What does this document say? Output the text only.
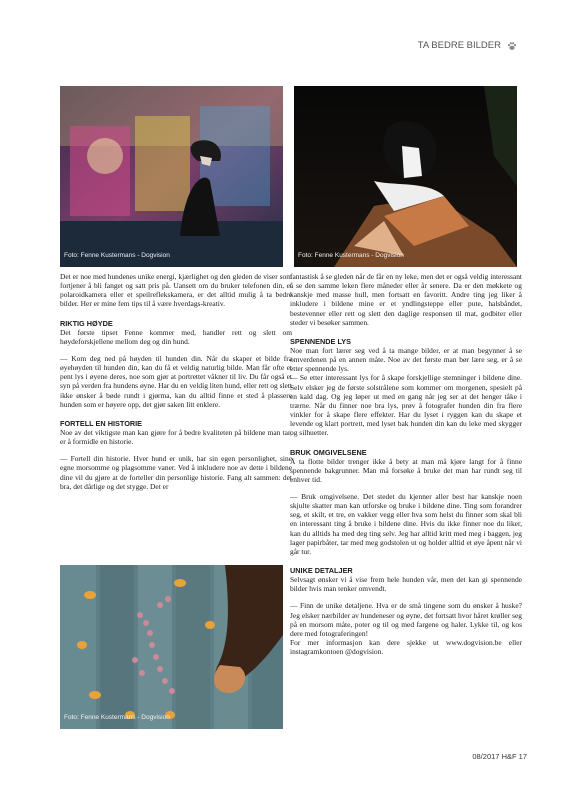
TA BEDRE BILDER
Foto: Fenne Kustermans - Dogvision	Foto: Fenne Kustermans - Dogvision
Foto: Fenne Kustermans - Dogvision

Det er noe med hundenes unike energi, kjærlighet og den gleden de viser som fortjener å bli fanget og satt pris på. Uansett om du bruker telefonen din, et polaroidkamera eller et speilreflekskamera, er det alltid mulig å ta bedre bilder. Her er mine fem tips til å være hverdags-kreativ.

RIKTIG HØYDE

Det første tipset Fenne kommer med, handler rett og slett om høydeforskjellene mellom deg og din hund.

— Kom deg ned på høyden til hunden din. Når du skaper et bilde fra øyehøyden til hunden din, kan du få et veldig naturlig bilde. Man får ofte et pent lys i øyene deres, noe som gjør at portrettet våkner til liv. Du får også et syn på verden fra hundens øyne. Har du en veldig liten hund, eller rett og slett ikke ønsker å bøde rundt i gjørma, kan du alltid finne et sted å plassere hunden som er høyere opp, det gjør saken litt enklere.

FORTELL EN HISTORIE

Noe av det viktigste man kan gjøre for å bedre kvaliteten på bildene man tar, er å formidle en historie.

— Fortell din historie. Hver hund er unik, har sin egen personlighet, sine egne morsomme og plagsomme vaner. Ved å inkludere noe av dette i bildene dine vil du gjøre at de forteller din personlige historie. Fang alt sammen: det bra, det dårlige og det stygge. Det er

fantastisk å se gleden når de får en ny leke, men det er også veldig interessant å se den samme leken flere måneder eller år senere. Da er den møkkete og kanskje med masse hull, men fortsatt en favoritt. Andre ting jeg liker å inkludere i bildene mine er et yndlingsteppe eller pute, halsbåndet, bestevenner eller rett og slett den daglige responsen til mat, godbiter eller steder vi besøker sammen.

SPENNENDE LYS

Noe man fort lærer seg ved å ta mange bilder, er at man begynner å se omverdenen på en annen måte. Noe av det første man bør lære seg, er å se etter spennende lys.

— Se etter interessant lys for å skape forskjellige stemninger i bildene dine. Selv elsker jeg de første solstrålene som kommer om morgenen, spesielt på en kald dag. Og jeg løper ut med en gang når jeg ser at det henger tåke i trærne. Når du finner noe bra lys, prøv å fotografer hunden din fra flere vinkler for å skape flere effekter. Har du lyset i ryggen kan du skape et levende og klart portrett, med lyset bak hunden din kan du leke med skygger og silhuetter.

BRUK OMGIVELSENE

Å ta flotte bilder trenger ikke å bety at man må kjøre langt for å finne spennende bakgrunner. Man må forsøke å bruke det man har rundt seg til enhver tid.

— Bruk omgivelsene. Det stedet du kjenner aller best har kanskje noen skjulte skatter man kan utforske og bruke i bildene dine. Ting som forandrer seg, et skilt, et tre, en vakker vegg eller hva som helst du finner som skal bli en interessant ting å bruke i bildene dine. Hvis du ikke finner noe du liker, kan du alltids ha med deg ting selv. Jeg har alltid kritt med meg i baggen, jeg lager papirbåter, tar med meg godstolen ut og holder alltid et øye åpent når vi går tur.

UNIKE DETALJER

Selvsagt ønsker vi å vise frem hele hunden vår, men det kan gi spennende bilder hvis man tenker omvendt.

— Finn de unike detaljene. Hva er de små tingene som du ønsker å huske? Jeg elsker nærbilder av hundeneser og øyne, det fortsatt hvor håret krøller seg på en morsom måte, poter og til og med fargene og haler. Lykke til, og kos dere med fotograferingen!

For mer informasjon kan dere sjekke ut www.dogvision.be eller instagramkontoen @dogvision.

08/2017 H&F 17
